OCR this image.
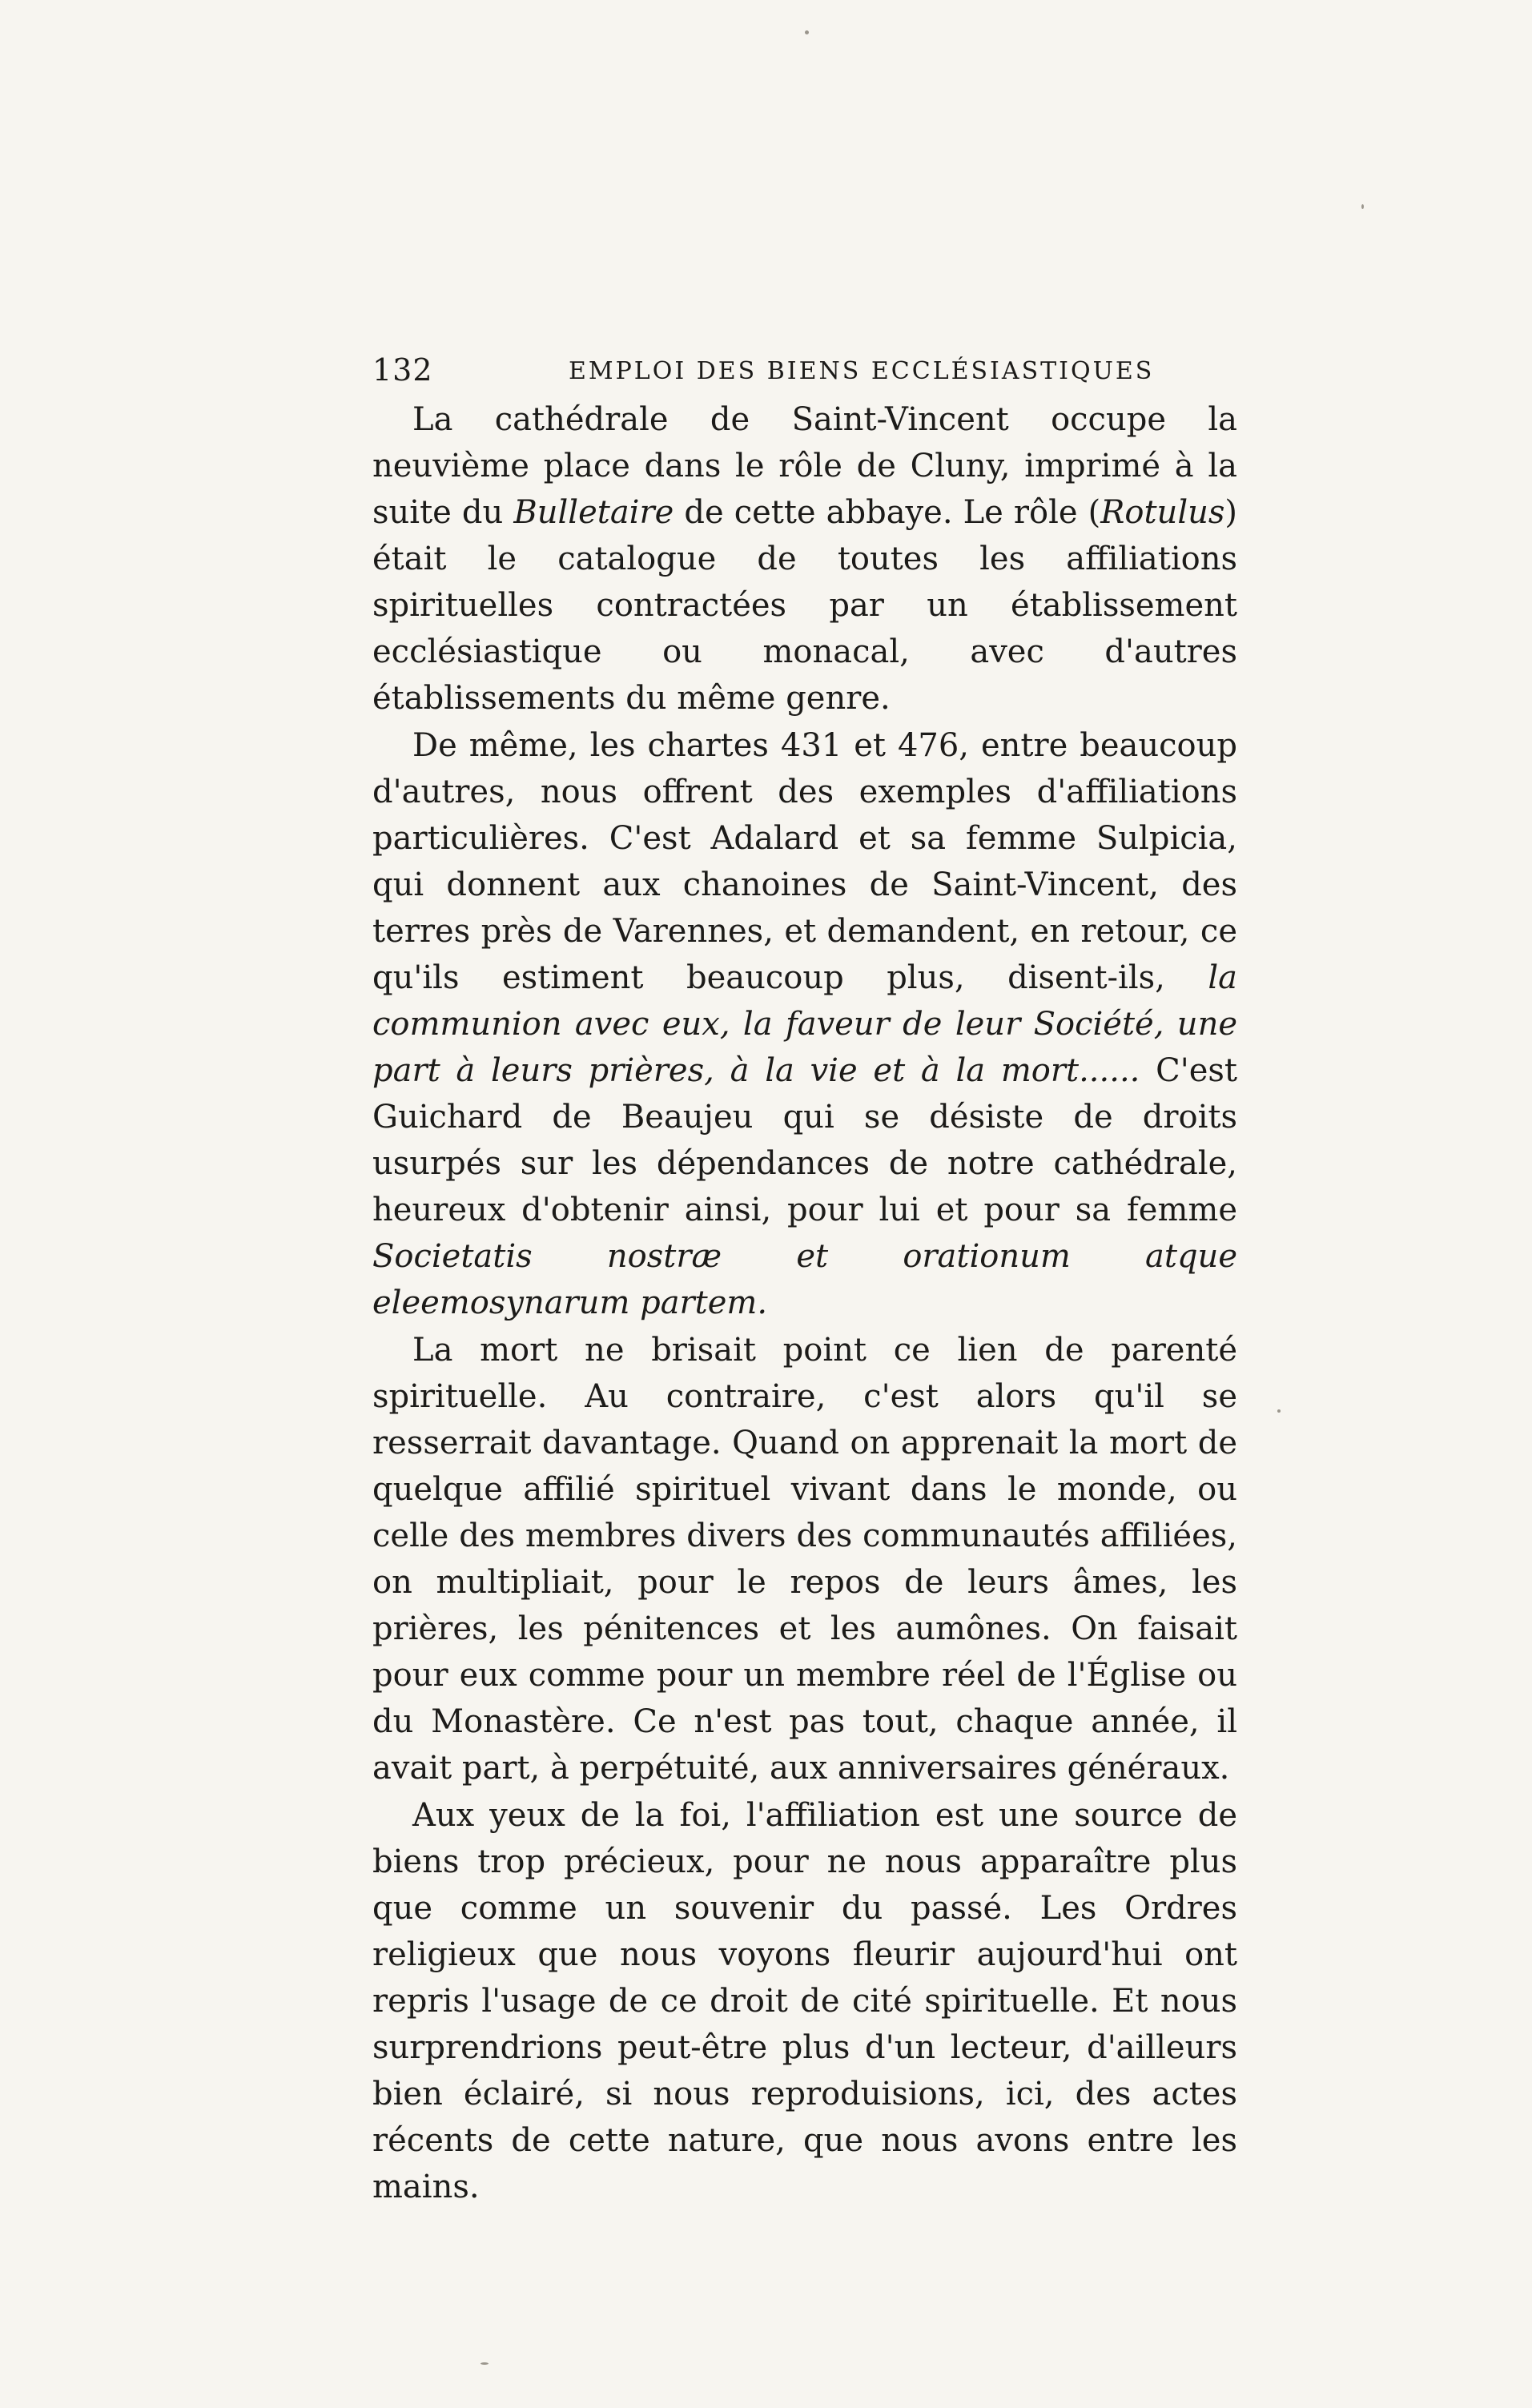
132	EMPLOI DES BIENS ECCLÉSIASTIQUES

La cathédrale de Saint-Vincent occupe la neuvième place dans le rôle de Cluny, imprimé à la suite du Bulletaire de cette abbaye. Le rôle (Rotulus) était le catalogue de toutes les affiliations spirituelles contractées par un établissement ecclésiastique ou monacal, avec d'autres établissements du même genre.

De même, les chartes 431 et 476, entre beaucoup d'autres, nous offrent des exemples d'affiliations particulières. C'est Adalard et sa femme Sulpicia, qui donnent aux chanoines de Saint-Vincent, des terres près de Varennes, et demandent, en retour, ce qu'ils estiment beaucoup plus, disent-ils, la communion avec eux, la faveur de leur Société, une part à leurs prières, à la vie et à la mort...... C'est Guichard de Beaujeu qui se désiste de droits usurpés sur les dépendances de notre cathédrale, heureux d'obtenir ainsi, pour lui et pour sa femme Societatis nostræ et orationum atque eleemosynarum partem.

La mort ne brisait point ce lien de parenté spirituelle. Au contraire, c'est alors qu'il se resserrait davantage. Quand on apprenait la mort de quelque affilié spirituel vivant dans le monde, ou celle des membres divers des communautés affiliées, on multipliait, pour le repos de leurs âmes, les prières, les pénitences et les aumônes. On faisait pour eux comme pour un membre réel de l'Église ou du Monastère. Ce n'est pas tout, chaque année, il avait part, à perpétuité, aux anniversaires généraux.

Aux yeux de la foi, l'affiliation est une source de biens trop précieux, pour ne nous apparaître plus que comme un souvenir du passé. Les Ordres religieux que nous voyons fleurir aujourd'hui ont repris l'usage de ce droit de cité spirituelle. Et nous surprendrions peut-être plus d'un lecteur, d'ailleurs bien éclairé, si nous reproduisions, ici, des actes récents de cette nature, que nous avons entre les mains.
